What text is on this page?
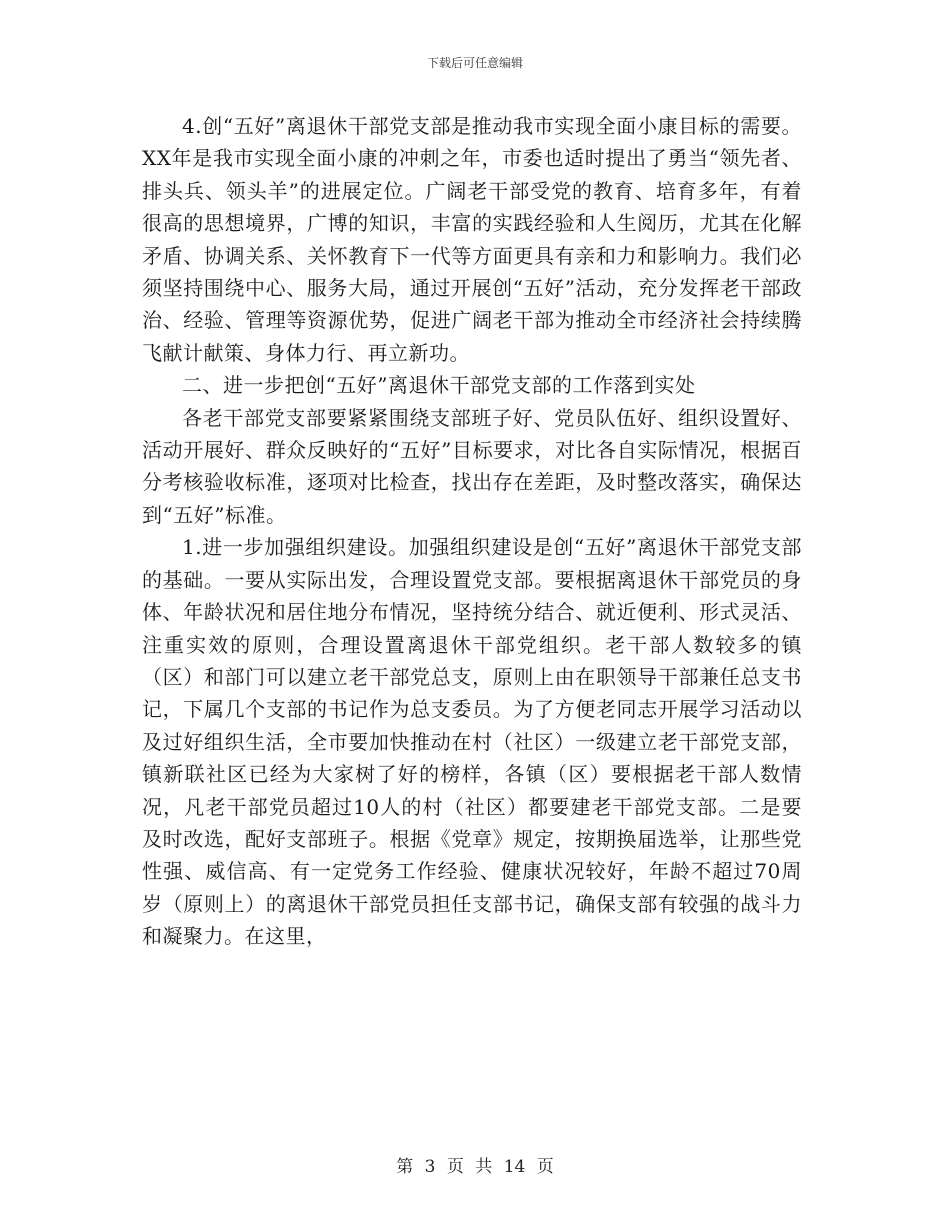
下载后可任意编辑

4.创“五好”离退休干部党支部是推动我市实现全面小康目标的需要。XX年是我市实现全面小康的冲刺之年，市委也适时提出了勇当“领先者、排头兵、领头羊”的进展定位。广阔老干部受党的教育、培育多年，有着很高的思想境界，广博的知识，丰富的实践经验和人生阅历，尤其在化解矛盾、协调关系、关怀教育下一代等方面更具有亲和力和影响力。我们必须坚持围绕中心、服务大局，通过开展创“五好”活动，充分发挥老干部政治、经验、管理等资源优势，促进广阔老干部为推动全市经济社会持续腾飞献计献策、身体力行、再立新功。

二、进一步把创“五好”离退休干部党支部的工作落到实处

各老干部党支部要紧紧围绕支部班子好、党员队伍好、组织设置好、活动开展好、群众反映好的“五好”目标要求，对比各自实际情况，根据百分考核验收标准，逐项对比检查，找出存在差距，及时整改落实，确保达到“五好”标准。

1.进一步加强组织建设。加强组织建设是创“五好”离退休干部党支部的基础。一要从实际出发，合理设置党支部。要根据离退休干部党员的身体、年龄状况和居住地分布情况，坚持统分结合、就近便利、形式灵活、注重实效的原则，合理设置离退休干部党组织。老干部人数较多的镇（区）和部门可以建立老干部党总支，原则上由在职领导干部兼任总支书记，下属几个支部的书记作为总支委员。为了方便老同志开展学习活动以及过好组织生活，全市要加快推动在村（社区）一级建立老干部党支部，镇新联社区已经为大家树了好的榜样，各镇（区）要根据老干部人数情况，凡老干部党员超过10人的村（社区）都要建老干部党支部。二是要及时改选，配好支部班子。根据《党章》规定，按期换届选举，让那些党性强、威信高、有一定党务工作经验、健康状况较好，年龄不超过70周岁（原则上）的离退休干部党员担任支部书记，确保支部有较强的战斗力和凝聚力。在这里，

第 3 页 共 14 页
